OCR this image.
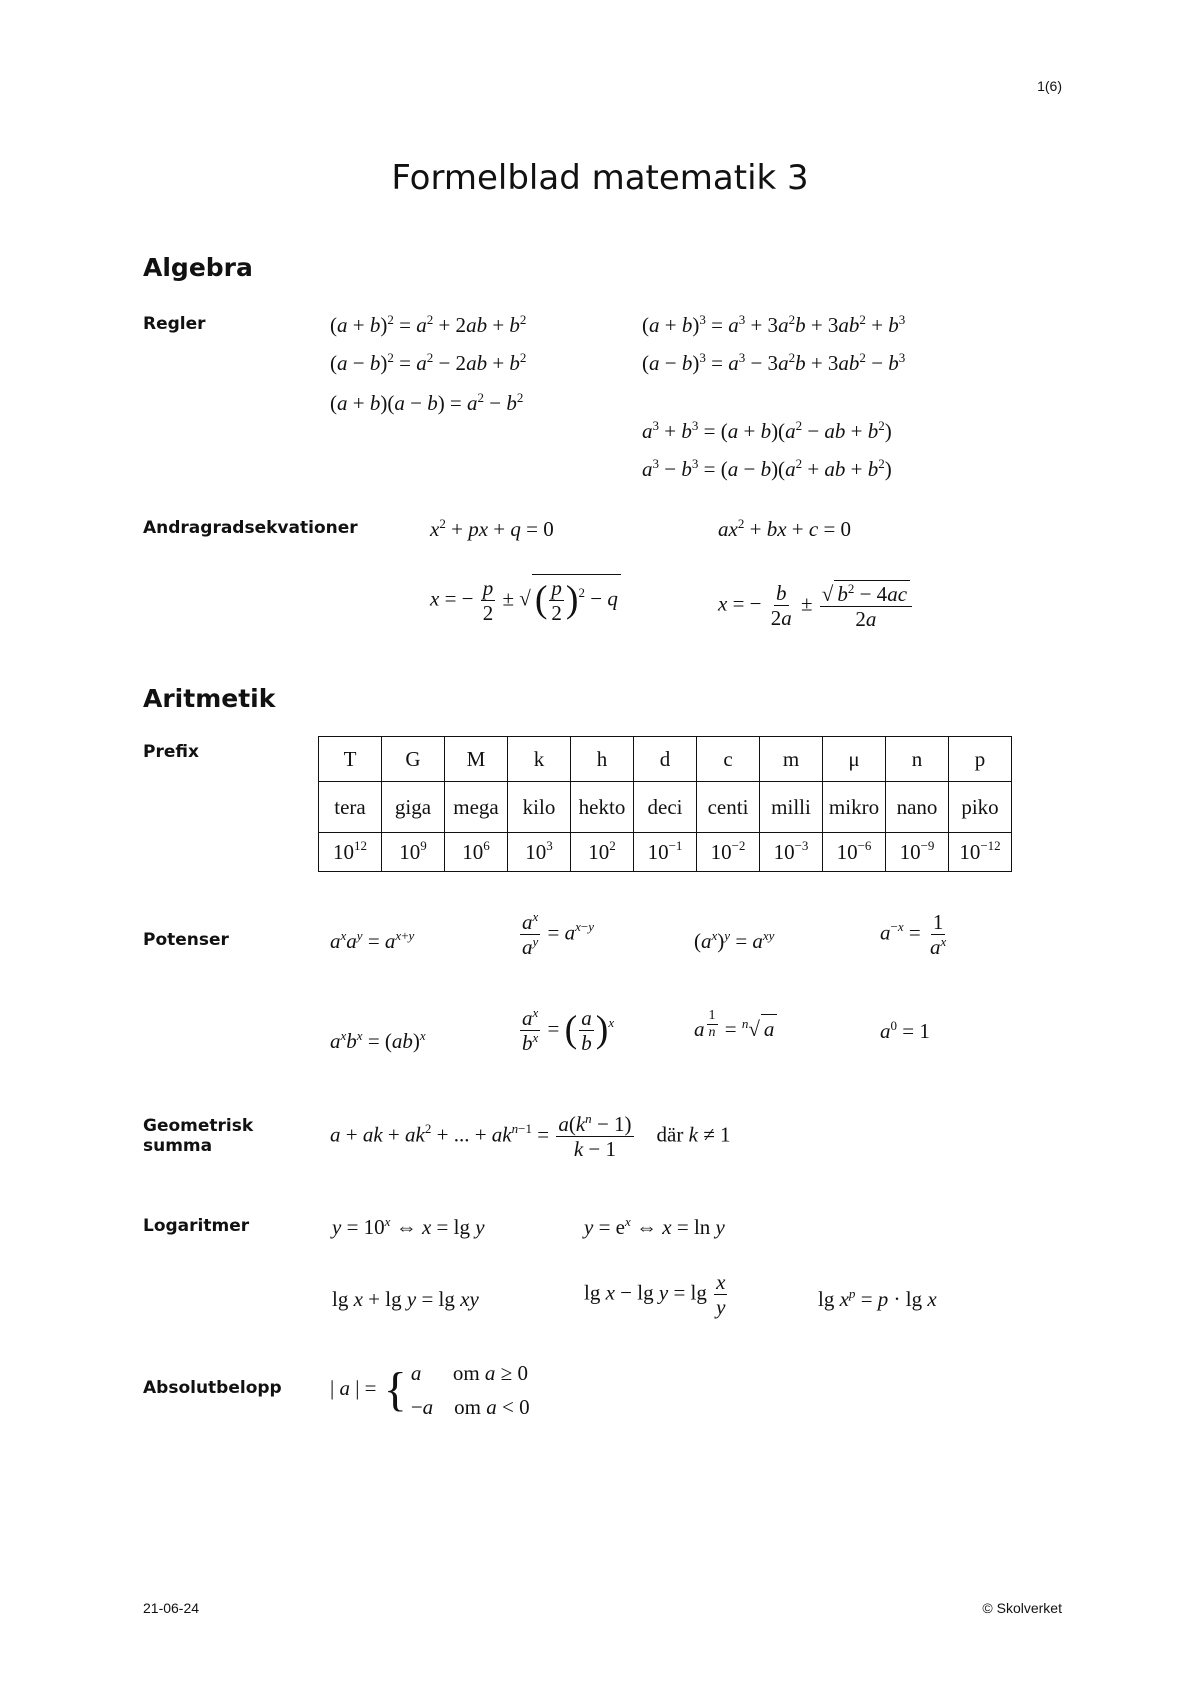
1(6)
Formelblad matematik 3
Algebra
Regler	$(a + b)^2 = a^2 + 2ab + b^2$
$(a - b)^2 = a^2 - 2ab + b^2$
$(a + b)(a - b) = a^2 - b^2$
$(a + b)^3 = a^3 + 3a^2b + 3ab^2 + b^3$
$(a - b)^3 = a^3 - 3a^2b + 3ab^2 - b^3$
$a^3 + b^3 = (a + b)(a^2$ − ab + $b^2$)
$a^3 - b^3 = (a - b)(a^2$ + ab + $b^2$)
Andragradsekvationer	$x^2$ + px + q = 0	$ax^2$ + bx + c = 0
x = − $\frac{p}{2}$ ± √ ( $\frac{p}{2} )^2 - q$	x = − $\frac{b}{2a} \pm \frac{√ b^2 - 4ac}{2a}$
Aritmetik
Prefix	T	G	M	k	h	d	c	m	μ	n	p
tera	giga	mega	kilo	hekto	deci	centi	milli	mikro	nano	piko
$10^{12}$	$10^9$	$10^6$	$10^3$	$10^2$	$10^{-1}$	$10^{-2}$	$10^{-3}$	$10^{-6}$	$10^{-9}$	$10^{-12}$
Potenser	$a^xa^y = a^{x+y}$	$\frac{a^x}{a^y} = a^{x-y}$
$(a^x)^y = a^{xy}$	$a^{-x} = \frac{1}{a^x}$
$a^xb^x = (ab)^x$	$\frac{a^x}{b^x}$ = ( $\frac{a}{b} )^x$	a $^{\frac{1}{n}}$ = $^n$√ a	$a^0 = 1$
Geometrisk
summa	a + ak + $ak^2$ + ... + $ak^{n-1} = \frac{a(k^n - 1)}{k - 1}$ där k ≠ 1
Logaritmer	$y = 10^x$ ⇔ x = lg y	$y = e^x$ ⇔ x = ln y
lg x + lg y = lg xy	$\lg x - \lg y = \lg \frac{x}{y}$	$\lg x^p = p \cdot \lg x$
Absolutbelopp | a | = { a om a ≥ 0
−a om a < 0
21-06-24	© Skolverket
